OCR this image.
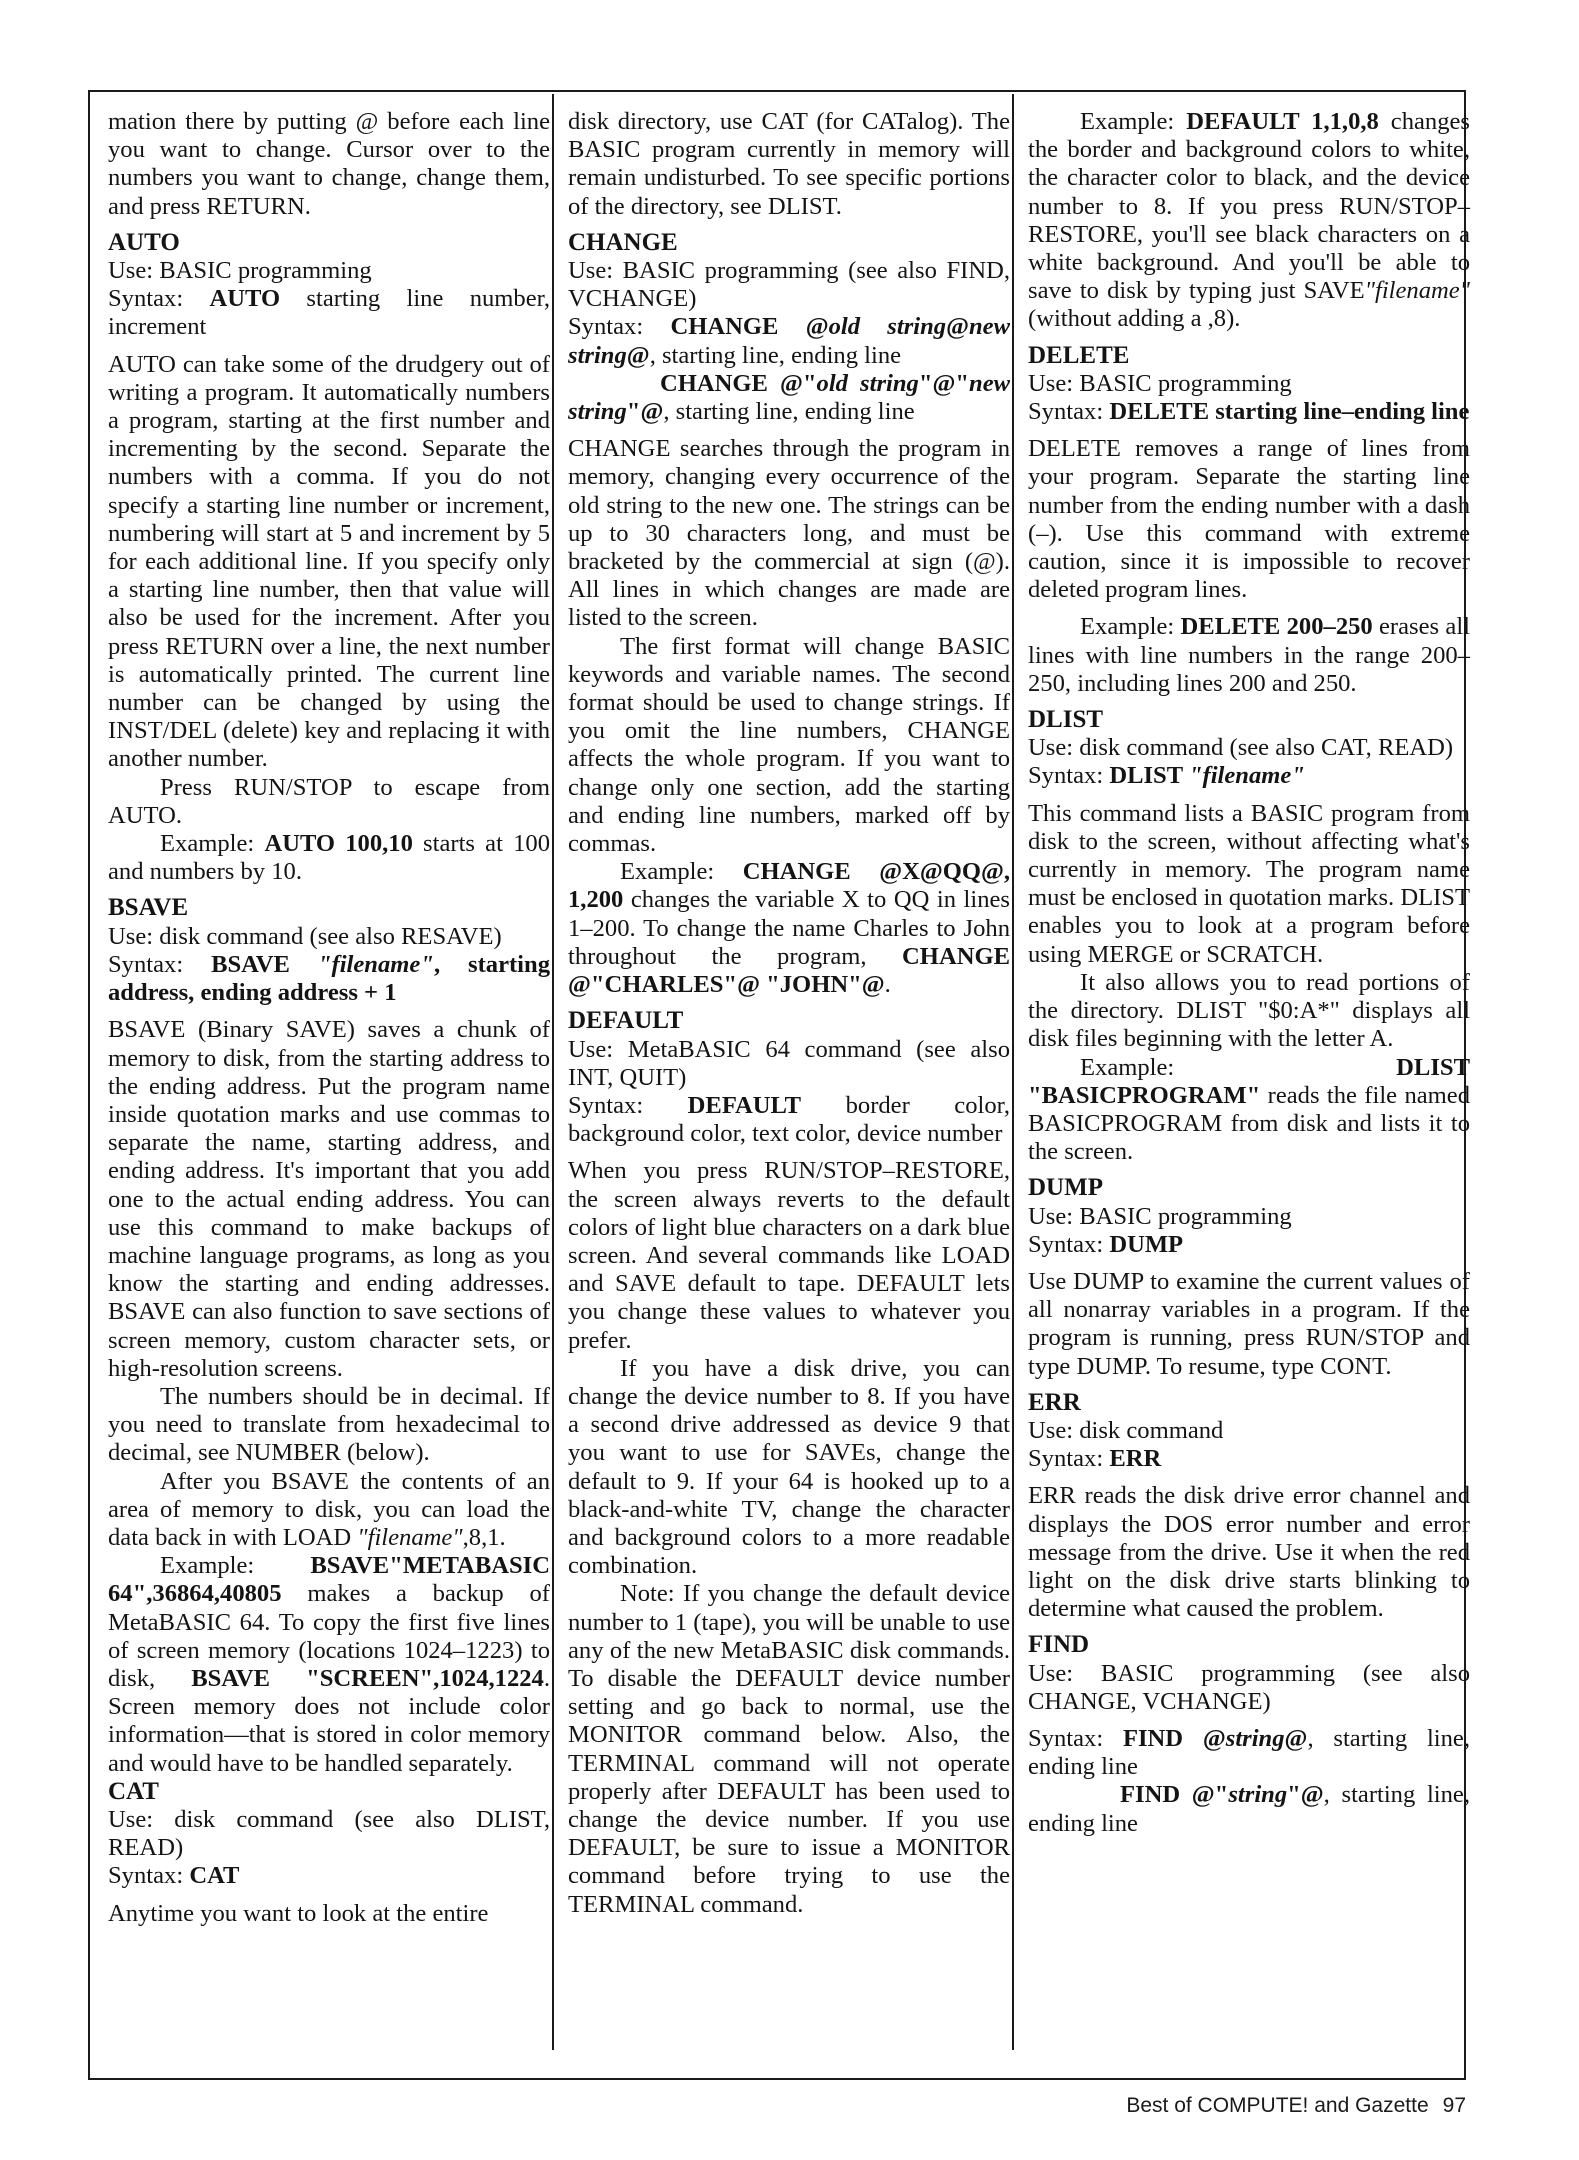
mation there by putting @ before each line you want to change. Cursor over to the numbers you want to change, change them, and press RETURN.

AUTO

Use: BASIC programming

Syntax: AUTO starting line number, increment

AUTO can take some of the drudgery out of writing a program. It automatically numbers a program, starting at the first number and incrementing by the second. Separate the numbers with a comma. If you do not specify a starting line number or increment, numbering will start at 5 and increment by 5 for each additional line. If you specify only a starting line number, then that value will also be used for the increment. After you press RETURN over a line, the next number is automatically printed. The current line number can be changed by using the INST/DEL (delete) key and replacing it with another number.

Press RUN/STOP to escape from AUTO.

Example: AUTO 100,10 starts at 100 and numbers by 10.

BSAVE

Use: disk command (see also RESAVE)

Syntax: BSAVE "filename", starting address, ending address + 1

BSAVE (Binary SAVE) saves a chunk of memory to disk, from the starting address to the ending address. Put the program name inside quotation marks and use commas to separate the name, starting address, and ending address. It's important that you add one to the actual ending address. You can use this command to make backups of machine language programs, as long as you know the starting and ending addresses. BSAVE can also function to save sections of screen memory, custom character sets, or high-resolution screens.

The numbers should be in decimal. If you need to translate from hexadecimal to decimal, see NUMBER (below).

After you BSAVE the contents of an area of memory to disk, you can load the data back in with LOAD "filename",8,1.

Example: BSAVE"METABASIC 64",36864,40805 makes a backup of MetaBASIC 64. To copy the first five lines of screen memory (locations 1024–1223) to disk, BSAVE "SCREEN",1024,1224. Screen memory does not include color information—that is stored in color memory and would have to be handled separately.

CAT

Use: disk command (see also DLIST, READ)

Syntax: CAT

Anytime you want to look at the entire

disk directory, use CAT (for CATalog). The BASIC program currently in memory will remain undisturbed. To see specific portions of the directory, see DLIST.

CHANGE

Use: BASIC programming (see also FIND, VCHANGE)

Syntax: CHANGE @old string@new string@, starting line, ending line

CHANGE @"old string"@"new string"@, starting line, ending line

CHANGE searches through the program in memory, changing every occurrence of the old string to the new one. The strings can be up to 30 characters long, and must be bracketed by the commercial at sign (@). All lines in which changes are made are listed to the screen.

The first format will change BASIC keywords and variable names. The second format should be used to change strings. If you omit the line numbers, CHANGE affects the whole program. If you want to change only one section, add the starting and ending line numbers, marked off by commas.

Example: CHANGE @X@QQ@, 1,200 changes the variable X to QQ in lines 1–200. To change the name Charles to John throughout the program, CHANGE @"CHARLES"@ "JOHN"@.

DEFAULT

Use: MetaBASIC 64 command (see also INT, QUIT)

Syntax: DEFAULT border color, background color, text color, device number

When you press RUN/STOP–RESTORE, the screen always reverts to the default colors of light blue characters on a dark blue screen. And several commands like LOAD and SAVE default to tape. DEFAULT lets you change these values to whatever you prefer.

If you have a disk drive, you can change the device number to 8. If you have a second drive addressed as device 9 that you want to use for SAVEs, change the default to 9. If your 64 is hooked up to a black-and-white TV, change the character and background colors to a more readable combination.

Note: If you change the default device number to 1 (tape), you will be unable to use any of the new MetaBASIC disk commands. To disable the DEFAULT device number setting and go back to normal, use the MONITOR command below. Also, the TERMINAL command will not operate properly after DEFAULT has been used to change the device number. If you use DEFAULT, be sure to issue a MONITOR command before trying to use the TERMINAL command.

Example: DEFAULT 1,1,0,8 changes the border and background colors to white, the character color to black, and the device number to 8. If you press RUN/STOP–RESTORE, you'll see black characters on a white background. And you'll be able to save to disk by typing just SAVE"filename" (without adding a ,8).

DELETE

Use: BASIC programming

Syntax: DELETE starting line–ending line

DELETE removes a range of lines from your program. Separate the starting line number from the ending number with a dash (–). Use this command with extreme caution, since it is impossible to recover deleted program lines.

Example: DELETE 200–250 erases all lines with line numbers in the range 200–250, including lines 200 and 250.

DLIST

Use: disk command (see also CAT, READ)

Syntax: DLIST "filename"

This command lists a BASIC program from disk to the screen, without affecting what's currently in memory. The program name must be enclosed in quotation marks. DLIST enables you to look at a program before using MERGE or SCRATCH.

It also allows you to read portions of the directory. DLIST "$0:A*" displays all disk files beginning with the letter A.

Example: DLIST "BASICPROGRAM" reads the file named BASICPROGRAM from disk and lists it to the screen.

DUMP

Use: BASIC programming

Syntax: DUMP

Use DUMP to examine the current values of all nonarray variables in a program. If the program is running, press RUN/STOP and type DUMP. To resume, type CONT.

ERR

Use: disk command

Syntax: ERR

ERR reads the disk drive error channel and displays the DOS error number and error message from the drive. Use it when the red light on the disk drive starts blinking to determine what caused the problem.

FIND

Use: BASIC programming (see also CHANGE, VCHANGE)

Syntax: FIND @string@, starting line, ending line

FIND @"string"@, starting line, ending line

Best of COMPUTE! and Gazette 97
